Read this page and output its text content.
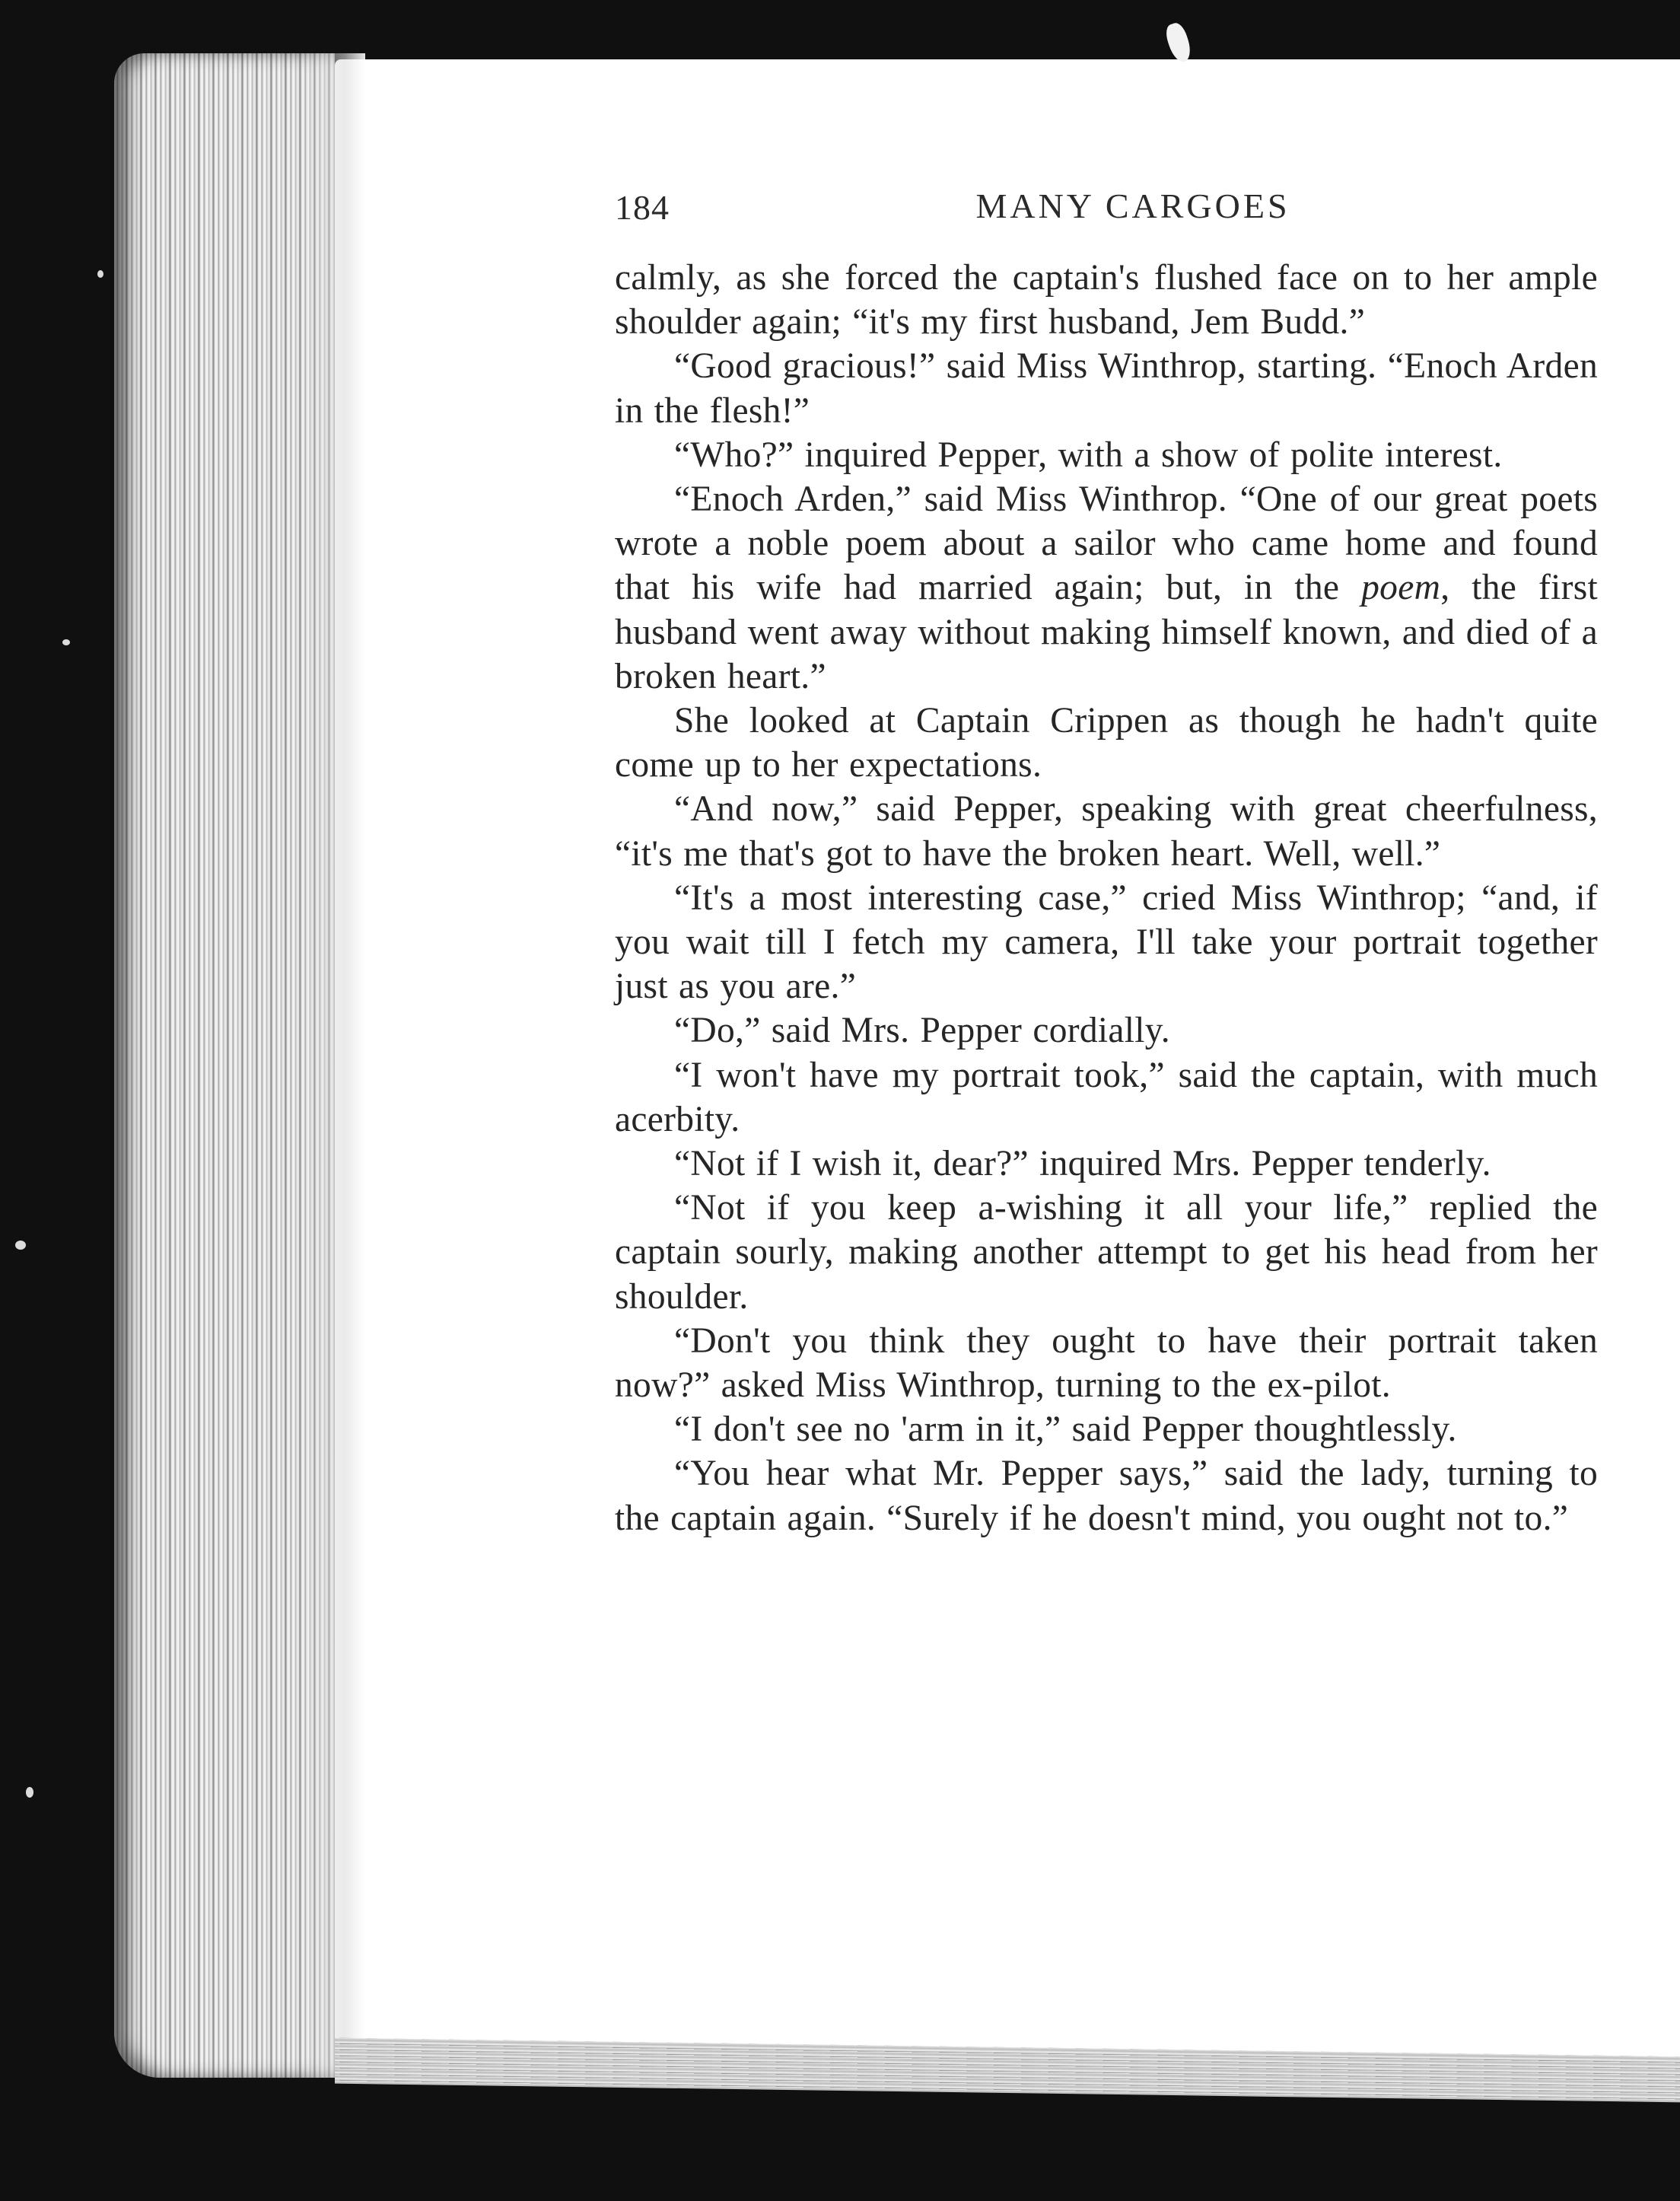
184	MANY CARGOES

calmly, as she forced the captain's flushed face on to her ample shoulder again; “it's my first husband, Jem Budd.”

“Good gracious!” said Miss Winthrop, starting. “Enoch Arden in the flesh!”

“Who?” inquired Pepper, with a show of polite interest.

“Enoch Arden,” said Miss Winthrop. “One of our great poets wrote a noble poem about a sailor who came home and found that his wife had married again; but, in the poem, the first husband went away without making himself known, and died of a broken heart.”

She looked at Captain Crippen as though he hadn't quite come up to her expectations.

“And now,” said Pepper, speaking with great cheerfulness, “it's me that's got to have the broken heart. Well, well.”

“It's a most interesting case,” cried Miss Winthrop; “and, if you wait till I fetch my camera, I'll take your portrait together just as you are.”

“Do,” said Mrs. Pepper cordially.

“I won't have my portrait took,” said the captain, with much acerbity.

“Not if I wish it, dear?” inquired Mrs. Pepper tenderly.

“Not if you keep a-wishing it all your life,” replied the captain sourly, making another attempt to get his head from her shoulder.

“Don't you think they ought to have their portrait taken now?” asked Miss Winthrop, turning to the ex-pilot.

“I don't see no 'arm in it,” said Pepper thoughtlessly.

“You hear what Mr. Pepper says,” said the lady, turning to the captain again. “Surely if he doesn't mind, you ought not to.”
